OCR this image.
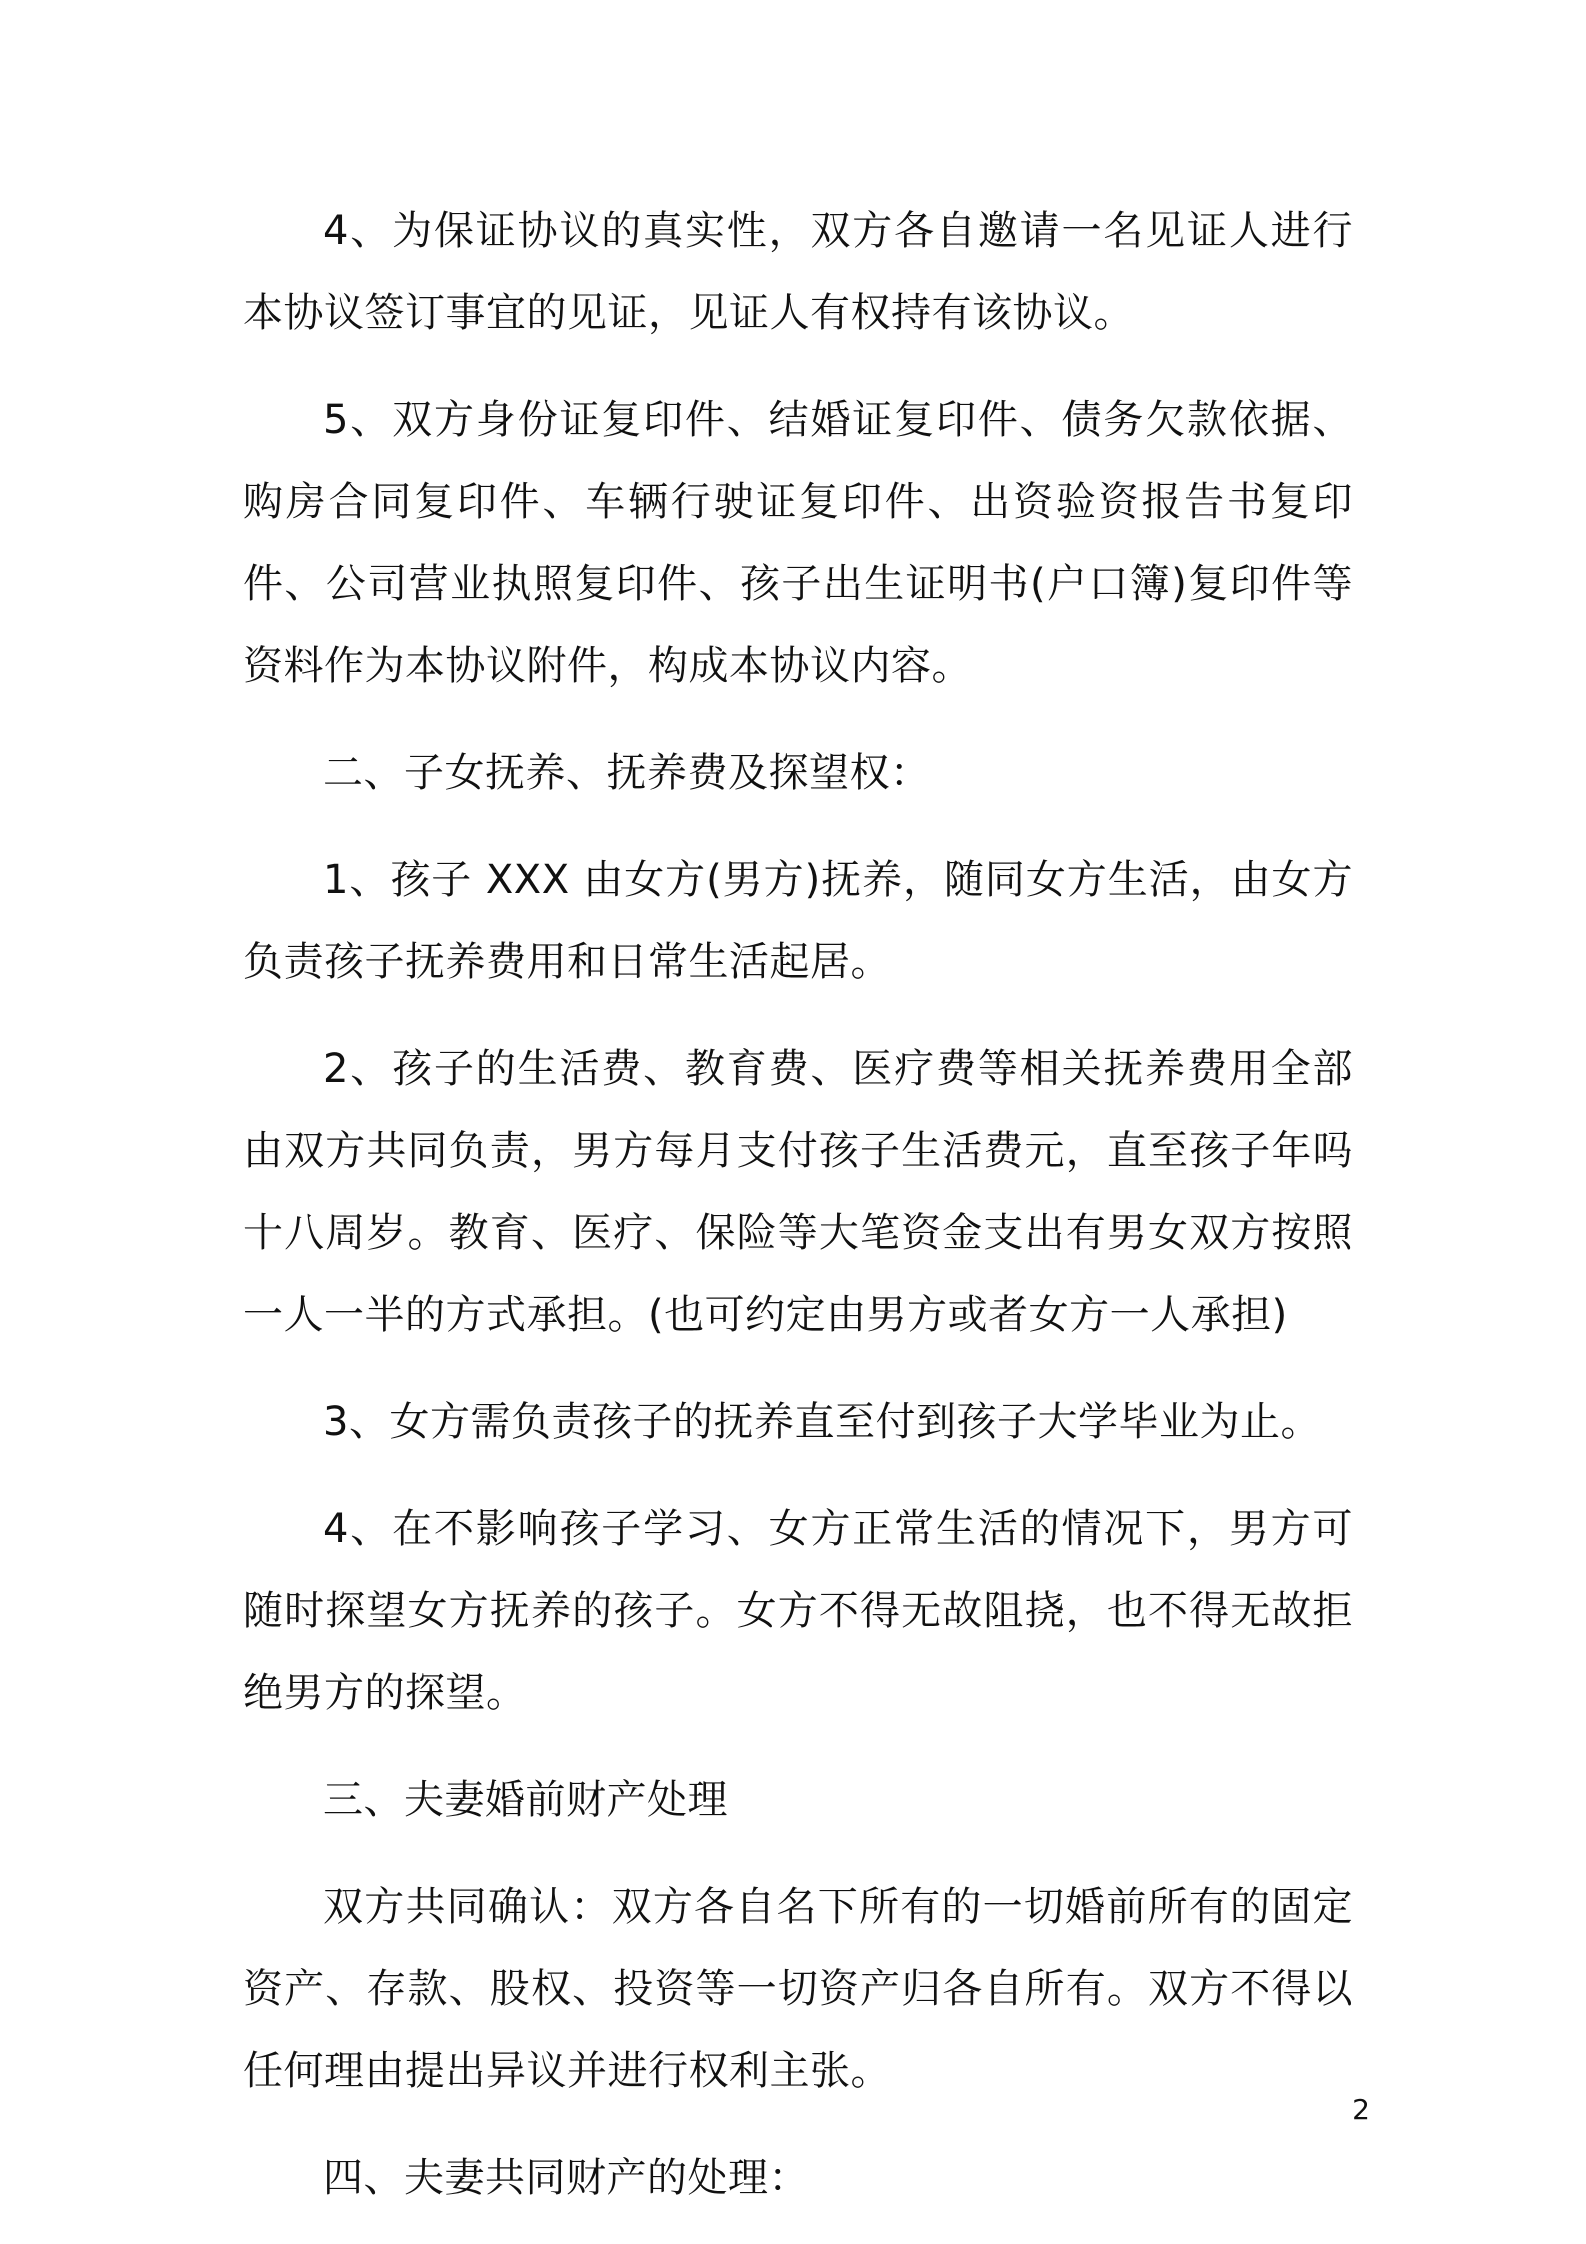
4、为保证协议的真实性，双方各自邀请一名见证人进行本协议签订事宜的见证，见证人有权持有该协议。

5、双方身份证复印件、结婚证复印件、债务欠款依据、购房合同复印件、车辆行驶证复印件、出资验资报告书复印件、公司营业执照复印件、孩子出生证明书(户口簿)复印件等资料作为本协议附件，构成本协议内容。

二、子女抚养、抚养费及探望权：

1、孩子 XXX 由女方(男方)抚养，随同女方生活，由女方负责孩子抚养费用和日常生活起居。

2、孩子的生活费、教育费、医疗费等相关抚养费用全部由双方共同负责，男方每月支付孩子生活费元，直至孩子年吗十八周岁。教育、医疗、保险等大笔资金支出有男女双方按照一人一半的方式承担。(也可约定由男方或者女方一人承担)

3、女方需负责孩子的抚养直至付到孩子大学毕业为止。

4、在不影响孩子学习、女方正常生活的情况下，男方可随时探望女方抚养的孩子。女方不得无故阻挠，也不得无故拒绝男方的探望。

三、夫妻婚前财产处理

双方共同确认：双方各自名下所有的一切婚前所有的固定资产、存款、股权、投资等一切资产归各自所有。双方不得以任何理由提出异议并进行权利主张。

四、夫妻共同财产的处理：

2
